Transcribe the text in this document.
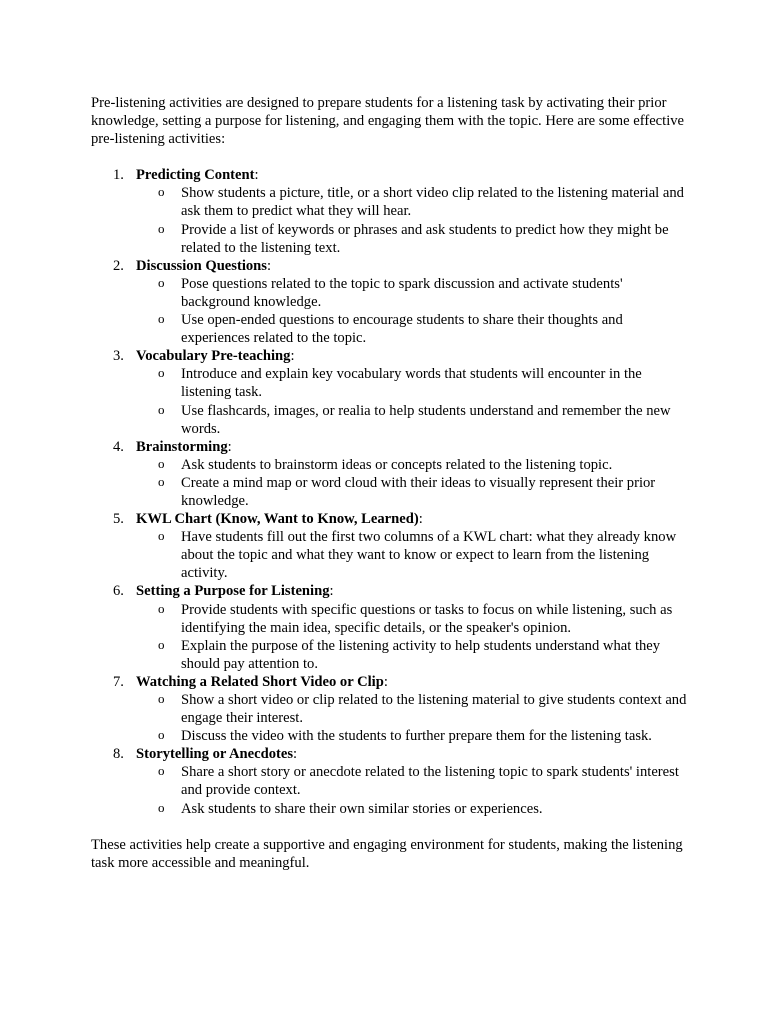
Pre-listening activities are designed to prepare students for a listening task by activating their prior knowledge, setting a purpose for listening, and engaging them with the topic. Here are some effective pre-listening activities:

1. Predicting Content:
o Show students a picture, title, or a short video clip related to the listening material and ask them to predict what they will hear.
o Provide a list of keywords or phrases and ask students to predict how they might be related to the listening text.
2. Discussion Questions:
o Pose questions related to the topic to spark discussion and activate students' background knowledge.
o Use open-ended questions to encourage students to share their thoughts and experiences related to the topic.
3. Vocabulary Pre-teaching:
o Introduce and explain key vocabulary words that students will encounter in the listening task.
o Use flashcards, images, or realia to help students understand and remember the new words.
4. Brainstorming:
o Ask students to brainstorm ideas or concepts related to the listening topic.
o Create a mind map or word cloud with their ideas to visually represent their prior knowledge.
5. KWL Chart (Know, Want to Know, Learned):
o Have students fill out the first two columns of a KWL chart: what they already know about the topic and what they want to know or expect to learn from the listening activity.
6. Setting a Purpose for Listening:
o Provide students with specific questions or tasks to focus on while listening, such as identifying the main idea, specific details, or the speaker's opinion.
o Explain the purpose of the listening activity to help students understand what they should pay attention to.
7. Watching a Related Short Video or Clip:
o Show a short video or clip related to the listening material to give students context and engage their interest.
o Discuss the video with the students to further prepare them for the listening task.
8. Storytelling or Anecdotes:
o Share a short story or anecdote related to the listening topic to spark students' interest and provide context.
o Ask students to share their own similar stories or experiences.

These activities help create a supportive and engaging environment for students, making the listening task more accessible and meaningful.
